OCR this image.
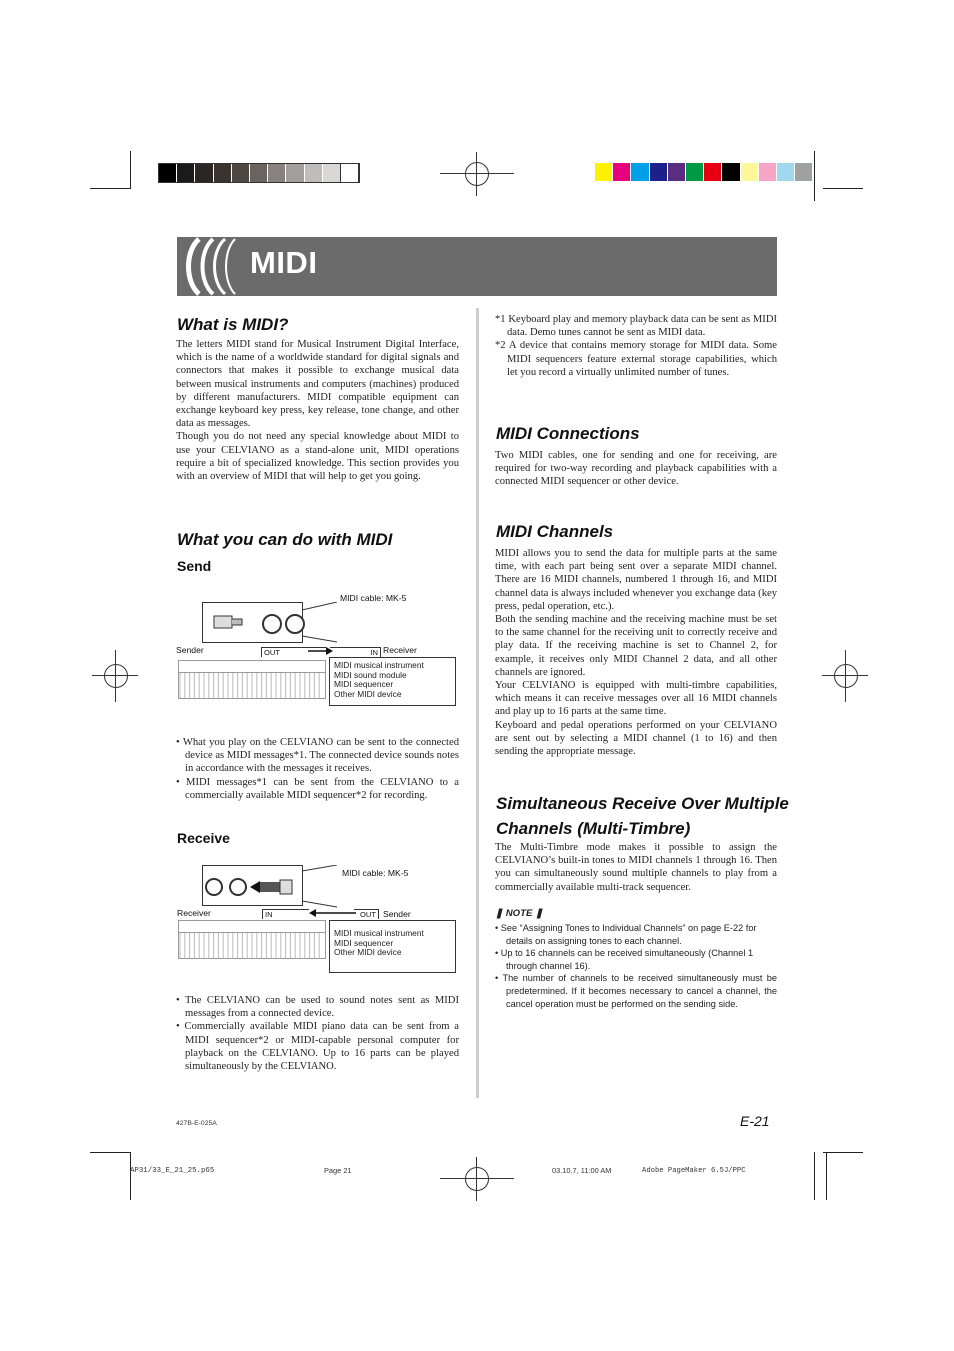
MIDI
What is MIDI?

The letters MIDI stand for Musical Instrument Digital Interface, which is the name of a worldwide standard for digital signals and connectors that makes it possible to exchange musical data between musical instruments and computers (machines) produced by different manufacturers. MIDI compatible equipment can exchange keyboard key press, key release, tone change, and other data as messages.

Though you do not need any special knowledge about MIDI to use your CELVIANO as a stand-alone unit, MIDI operations require a bit of specialized knowledge. This section provides you with an overview of MIDI that will help to get you going.

What you can do with MIDI
Send
MIDI cable: MK-5
Sender	OUT	IN Receiver
MIDI musical instrument
MIDI sound module
MIDI sequencer
Other MIDI device

• What you play on the CELVIANO can be sent to the connected device as MIDI messages*1. The connected device sounds notes in accordance with the messages it receives.

• MIDI messages*1 can be sent from the CELVIANO to a commercially available MIDI sequencer*2 for recording.

Receive
MIDI cable: MK-5
Receiver	IN	OUT Sender
MIDI musical instrument
MIDI sequencer
Other MIDI device

• The CELVIANO can be used to sound notes sent as MIDI messages from a connected device.

• Commercially available MIDI piano data can be sent from a MIDI sequencer*2 or MIDI-capable personal computer for playback on the CELVIANO. Up to 16 parts can be played simultaneously by the CELVIANO.

*1 Keyboard play and memory playback data can be sent as MIDI data. Demo tunes cannot be sent as MIDI data.

*2 A device that contains memory storage for MIDI data. Some MIDI sequencers feature external storage capabilities, which let you record a virtually unlimited number of tunes.

MIDI Connections

Two MIDI cables, one for sending and one for receiving, are required for two-way recording and playback capabilities with a connected MIDI sequencer or other device.

MIDI Channels

MIDI allows you to send the data for multiple parts at the same time, with each part being sent over a separate MIDI channel. There are 16 MIDI channels, numbered 1 through 16, and MIDI channel data is always included whenever you exchange data (key press, pedal operation, etc.).

Both the sending machine and the receiving machine must be set to the same channel for the receiving unit to correctly receive and play data. If the receiving machine is set to Channel 2, for example, it receives only MIDI Channel 2 data, and all other channels are ignored.

Your CELVIANO is equipped with multi-timbre capabilities, which means it can receive messages over all 16 MIDI channels and play up to 16 parts at the same time.

Keyboard and pedal operations performed on your CELVIANO are sent out by selecting a MIDI channel (1 to 16) and then sending the appropriate message.

Simultaneous Receive Over Multiple
Channels (Multi-Timbre)

The Multi-Timbre mode makes it possible to assign the CELVIANO’s built-in tones to MIDI channels 1 through 16. Then you can simultaneously sound multiple channels to play from a commercially available multi-track sequencer.

❚ NOTE ❚

• See “Assigning Tones to Individual Channels” on page E-22 for details on assigning tones to each channel.

• Up to 16 channels can be received simultaneously (Channel 1 through channel 16).

• The number of channels to be received simultaneously must be predetermined. If it becomes necessary to cancel a channel, the cancel operation must be performed on the sending side.

E-21
427B-E-025A
AP31/33_E_21_25.p65	Page 21	03.10.7, 11:00 AM	Adobe PageMaker 6.5J/PPC
